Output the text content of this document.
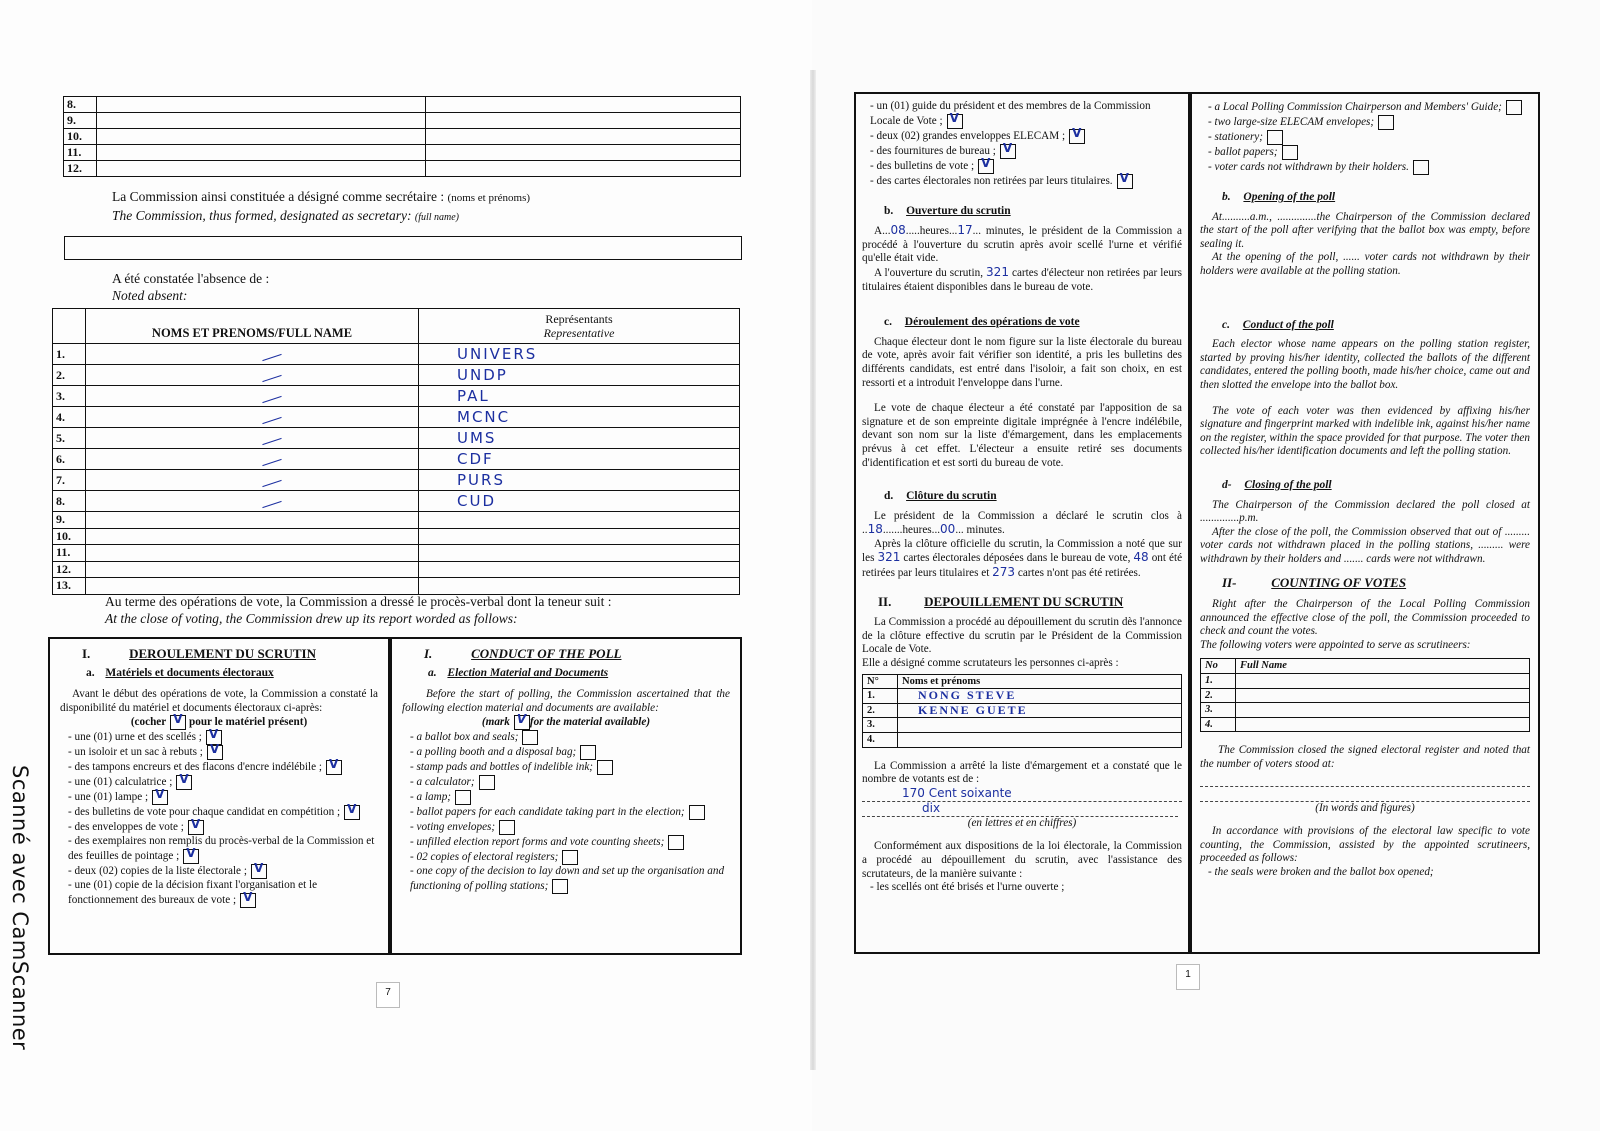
8.		
9.		
10.		
11.		
12.		
La Commission ainsi constituée a désigné comme secrétaire : (noms et prénoms)
The Commission, thus formed, designated as secretary: (full name)
A été constatée l'absence de :
Noted absent:
	NOMS ET PRENOMS/FULL NAME	Représentants
Representative

1.		UNIVERS
2.		UNDP
3.		PAL
4.		MCNC
5.		UMS
6.		CDF
7.		PURS
8.		CUD
9.		
10.		
11.		
12.		
13.		
Au terme des opérations de vote, la Commission a dressé le procès-verbal dont la teneur suit :
At the close of voting, the Commission drew up its report worded as follows:
I.	DEROULEMENT DU SCRUTIN
a. Matériels et documents électoraux

Avant le début des opérations de vote, la Commission a constaté la disponibilité du matériel et documents électoraux ci-après:

(cocher V pour le matériel présent)
- une (01) urne et des scellés ;V
- un isoloir et un sac à rebuts ;V
- des tampons encreurs et des flacons d'encre indélébile ;V
- une (01) calculatrice ;V
- une (01) lampe ;V
- des bulletins de vote pour chaque candidat en compétition ;V
- des enveloppes de vote ;V
- des exemplaires non remplis du procès-verbal de la Commission et des feuilles de pointage ;V
- deux (02) copies de la liste électorale ;V
- une (01) copie de la décision fixant l'organisation et le fonctionnement des bureaux de vote ;V
I.	CONDUCT OF THE POLL
a. Election Material and Documents

Before the start of polling, the Commission ascertained that the following election material and documents are available:

(mark V for the material available)
- a ballot box and seals;
- a polling booth and a disposal bag;
- stamp pads and bottles of indelible ink;
- a calculator;
- a lamp;
- ballot papers for each candidate taking part in the election;
- voting envelopes;
- unfilled election report forms and vote counting sheets;
- 02 copies of electoral registers;
- one copy of the decision to lay down and set up the organisation and functioning of polling stations;
7
- un (01) guide du président et des membres de la Commission Locale de Vote ;V
- deux (02) grandes enveloppes ELECAM ;V
- des fournitures de bureau ;V
- des bulletins de vote ;V
- des cartes électorales non retirées par leurs titulaires.V
b. Ouverture du scrutin

A...08.....heures...17... minutes, le président de la Commission a procédé à l'ouverture du scrutin après avoir scellé l'urne et vérifié qu'elle était vide.

A l'ouverture du scrutin, 321 cartes d'électeur non retirées par leurs titulaires étaient disponibles dans le bureau de vote.

c. Déroulement des opérations de vote

Chaque électeur dont le nom figure sur la liste électorale du bureau de vote, après avoir fait vérifier son identité, a pris les bulletins des différents candidats, est entré dans l'isoloir, a fait son choix, en est ressorti et a introduit l'enveloppe dans l'urne.

Le vote de chaque électeur a été constaté par l'apposition de sa signature et de son empreinte digitale imprégnée à l'encre indélébile, devant son nom sur la liste d'émargement, dans les emplacements prévus à cet effet. L'électeur a ensuite retiré ses documents d'identification et est sorti du bureau de vote.

d. Clôture du scrutin

Le président de la Commission a déclaré le scrutin clos à ..18.......heures...00... minutes.

Après la clôture officielle du scrutin, la Commission a noté que sur les 321 cartes électorales déposées dans le bureau de vote, 48 ont été retirées par leurs titulaires et 273 cartes n'ont pas été retirées.

II.	DEPOUILLEMENT DU SCRUTIN

La Commission a procédé au dépouillement du scrutin dès l'annonce de la clôture effective du scrutin par le Président de la Commission Locale de Vote.

Elle a désigné comme scrutateurs les personnes ci-après :

N°	Noms et prénoms
1.	NONG STEVE
2.	KENNE GUETE
3.	
4.	

La Commission a arrêté la liste d'émargement et a constaté que le nombre de votants est de :

170 Cent soixante
dix
(en lettres et en chiffres)

Conformément aux dispositions de la loi électorale, la Commission a procédé au dépouillement du scrutin, avec l'assistance des scrutateurs, de la manière suivante :

- les scellés ont été brisés et l'urne ouverte ;
- a Local Polling Commission Chairperson and Members' Guide;
- two large-size ELECAM envelopes;
- stationery;
- ballot papers;
- voter cards not withdrawn by their holders.
b. Opening of the poll

At..........a.m., ..............the Chairperson of the Commission declared the start of the poll after verifying that the ballot box was empty, before sealing it.

At the opening of the poll, ...... voter cards not withdrawn by their holders were available at the polling station.

c. Conduct of the poll

Each elector whose name appears on the polling station register, started by proving his/her identity, collected the ballots of the different candidates, entered the polling booth, made his/her choice, came out and then slotted the envelope into the ballot box.

The vote of each voter was then evidenced by affixing his/her signature and fingerprint marked with indelible ink, against his/her name on the register, within the space provided for that purpose. The voter then collected his/her identification documents and left the polling station.

d- Closing of the poll

The Chairperson of the Commission declared the poll closed at ..............p.m.

After the close of the poll, the Commission observed that out of ......... voter cards not withdrawn placed in the polling stations, ......... were withdrawn by their holders and ....... cards were not withdrawn.

II-	COUNTING OF VOTES

Right after the Chairperson of the Local Polling Commission announced the effective close of the poll, the Commission proceeded to check and count the votes.

The following voters were appointed to serve as scrutineers:

No	Full Name
1.	
2.	
3.	
4.	

The Commission closed the signed electoral register and noted that the number of voters stood at:

(In words and figures)

In accordance with provisions of the electoral law specific to vote counting, the Commission, assisted by the appointed scrutineers, proceeded as follows:

- the seals were broken and the ballot box opened;
1
Scanné avec CamScanner
